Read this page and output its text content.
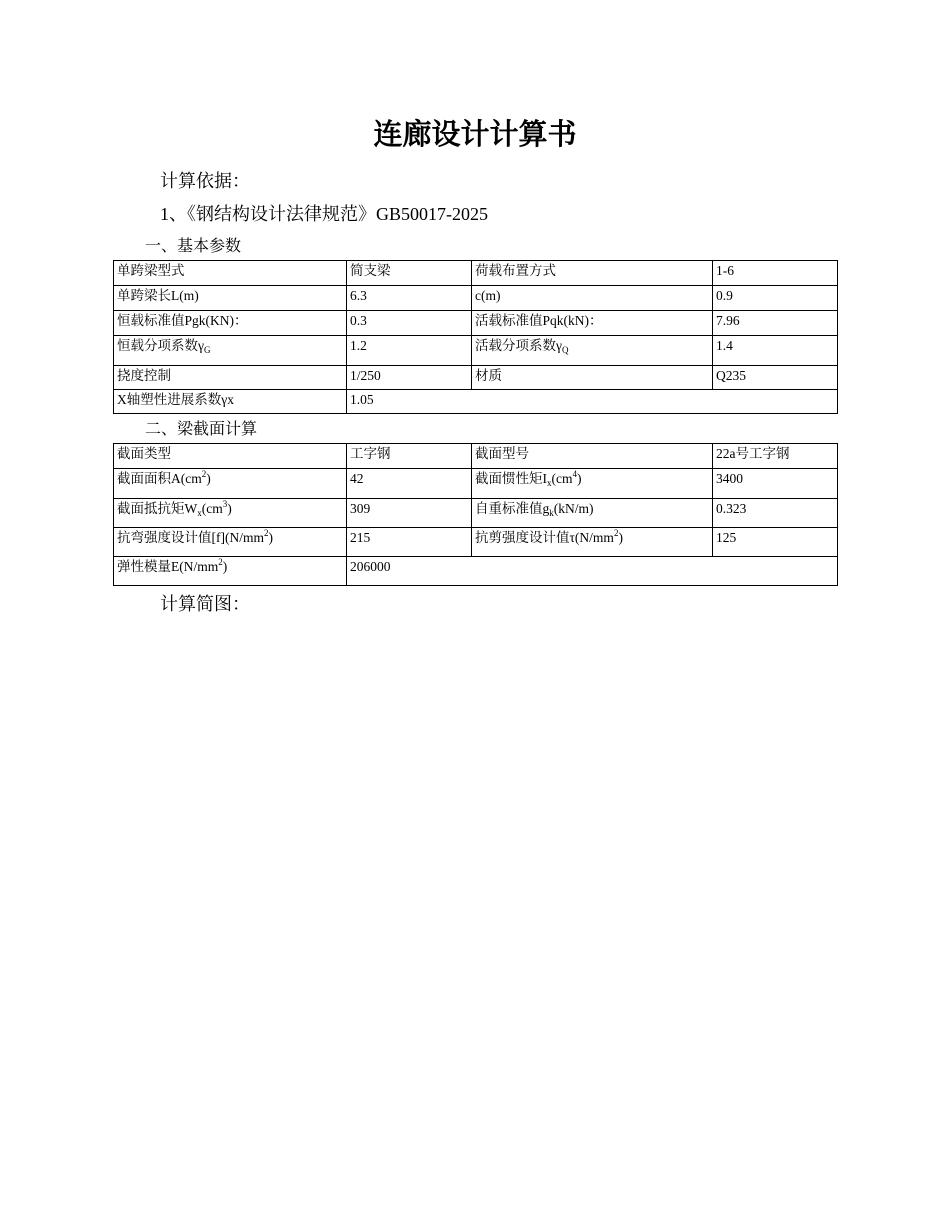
连廊设计计算书
计算依据：
1、《钢结构设计法律规范》GB50017-2025
一、基本参数
单跨梁型式	简支梁	荷载布置方式	1-6
单跨梁长L(m)	6.3	c(m)	0.9
恒载标准值Pgk(KN)：	0.3	活载标准值Pqk(kN)：	7.96
恒载分项系数$\gamma_G$	1.2	活载分项系数$\gamma_Q$	1.4
挠度控制	1/250	材质	Q235
X轴塑性进展系数γx	1.05		
二、梁截面计算
截面类型	工字钢	截面型号	22a号工字钢
截面面积$A(cm^2)$	42	截面惯性矩$I_x(cm^4)$	3400
截面抵抗矩$W_x(cm^3)$	309	自重标准值$g_k(kN/m)$	0.323
抗弯强度设计值$[f](N/mm^2)$	215	抗剪强度设计值$\tau(N/mm^2)$	125
弹性模量$E(N/mm^2)$	206000		
计算简图：
